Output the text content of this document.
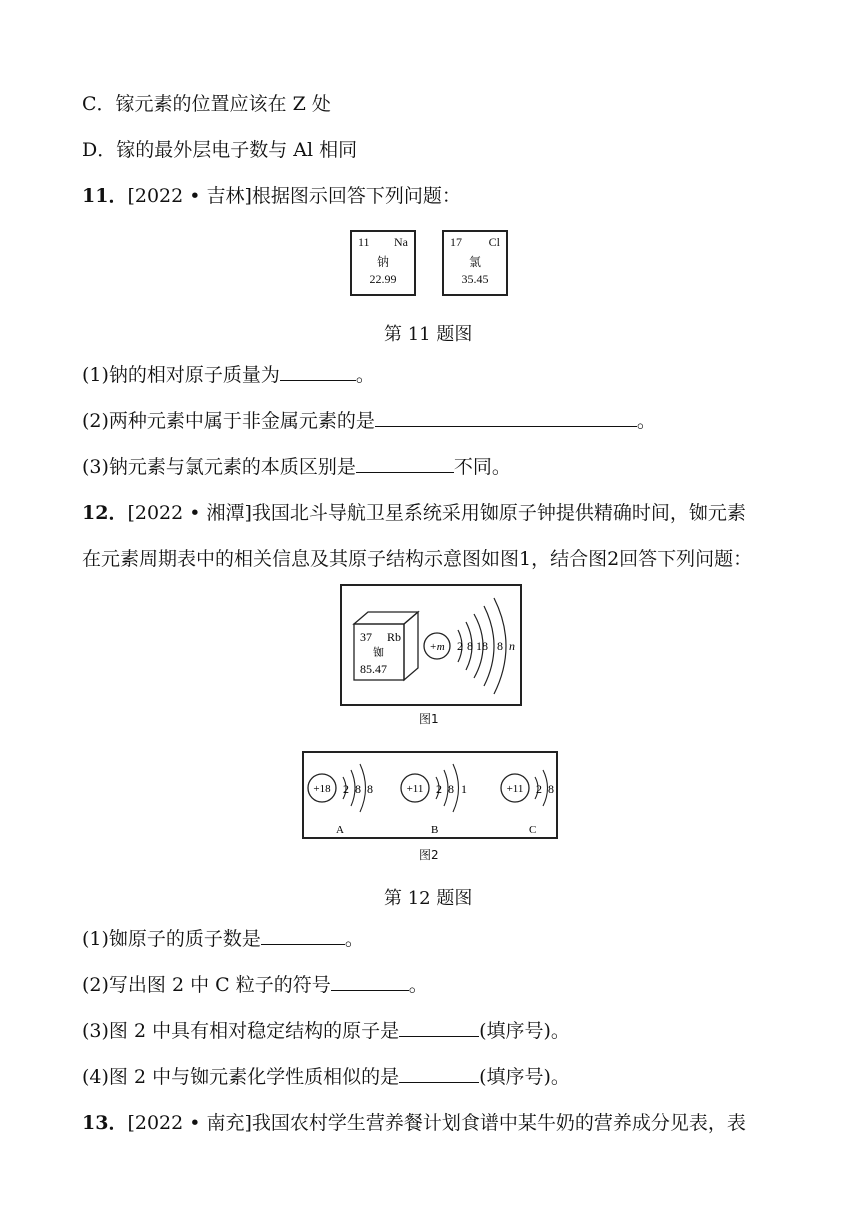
C．镓元素的位置应该在 Z 处
D．镓的最外层电子数与 Al 相同
11．[2022 • 吉林]根据图示回答下列问题：
11 Na
钠
22.99
17 Cl
氯
35.45
第 11 题图
(1)钠的相对原子质量为	。
(2)两种元素中属于非金属元素的是	。
(3)钠元素与氯元素的本质区别是	不同。
12．[2022 • 湘潭]我国北斗导航卫星系统采用铷原子钟提供精确时间，铷元素
在元素周期表中的相关信息及其原子结构示意图如图1，结合图2回答下列问题：
37 Rb
铷
85.47
+m 2 8 18 8 n
图1
+18 2 8 8
A
+11 2 8 1
B
+11 2 8
C
图2
第 12 题图
(1)铷原子的质子数是	。
(2)写出图 2 中 C 粒子的符号	。
(3)图 2 中具有相对稳定结构的原子是	(填序号)。
(4)图 2 中与铷元素化学性质相似的是	(填序号)。
13．[2022 • 南充]我国农村学生营养餐计划食谱中某牛奶的营养成分见表，表
